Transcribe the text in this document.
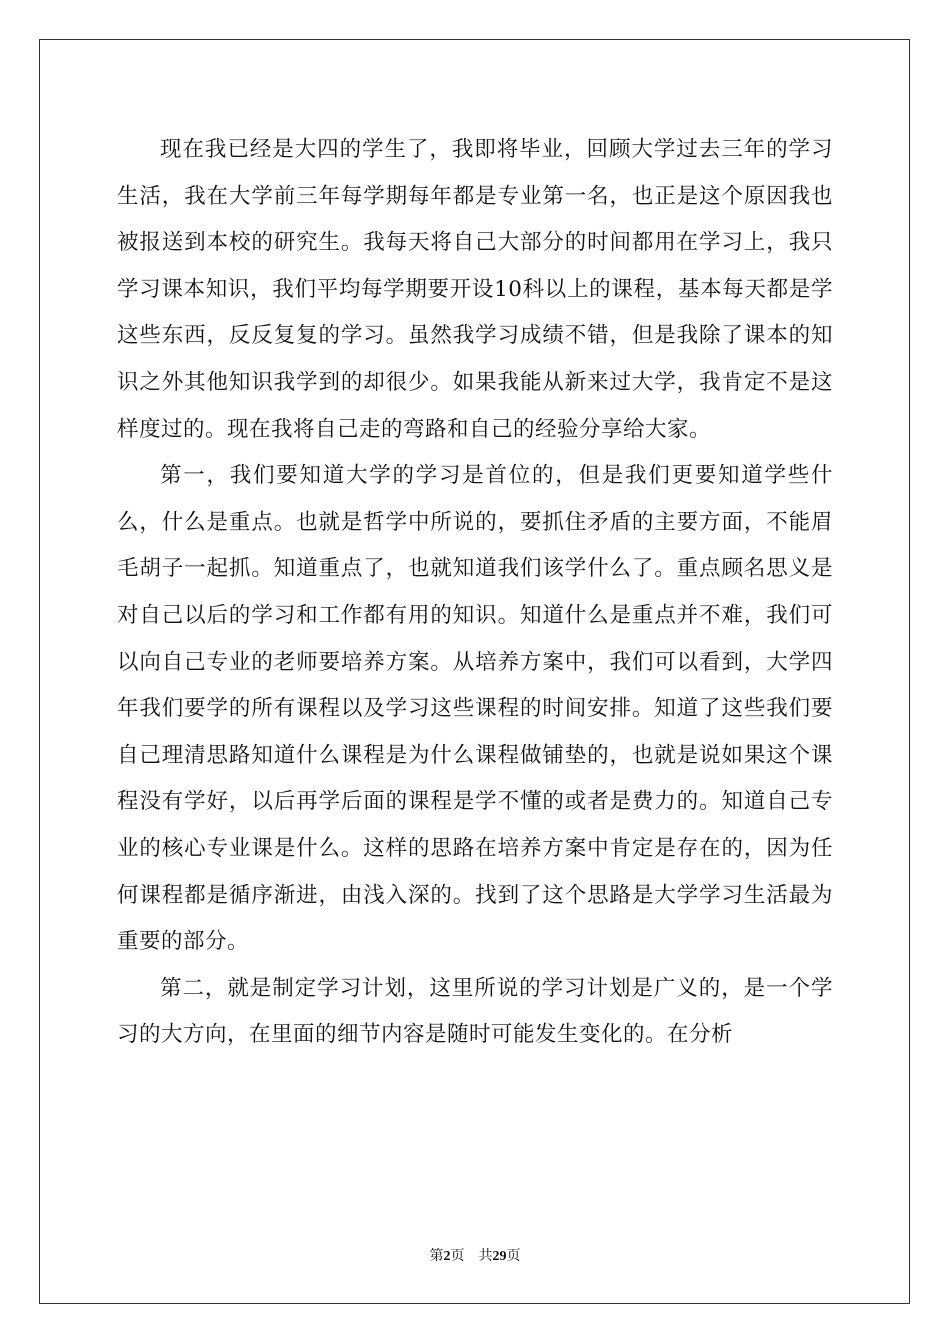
现在我已经是大四的学生了，我即将毕业，回顾大学过去三年的学习生活，我在大学前三年每学期每年都是专业第一名，也正是这个原因我也被报送到本校的研究生。我每天将自己大部分的时间都用在学习上，我只学习课本知识，我们平均每学期要开设10科以上的课程，基本每天都是学这些东西，反反复复的学习。虽然我学习成绩不错，但是我除了课本的知识之外其他知识我学到的却很少。如果我能从新来过大学，我肯定不是这样度过的。现在我将自己走的弯路和自己的经验分享给大家。

第一，我们要知道大学的学习是首位的，但是我们更要知道学些什么，什么是重点。也就是哲学中所说的，要抓住矛盾的主要方面，不能眉毛胡子一起抓。知道重点了，也就知道我们该学什么了。重点顾名思义是对自己以后的学习和工作都有用的知识。知道什么是重点并不难，我们可以向自己专业的老师要培养方案。从培养方案中，我们可以看到，大学四年我们要学的所有课程以及学习这些课程的时间安排。知道了这些我们要自己理清思路知道什么课程是为什么课程做铺垫的，也就是说如果这个课程没有学好，以后再学后面的课程是学不懂的或者是费力的。知道自己专业的核心专业课是什么。这样的思路在培养方案中肯定是存在的，因为任何课程都是循序渐进，由浅入深的。找到了这个思路是大学学习生活最为重要的部分。

第二，就是制定学习计划，这里所说的学习计划是广义的，是一个学习的大方向，在里面的细节内容是随时可能发生变化的。在分析

第2页 共29页
